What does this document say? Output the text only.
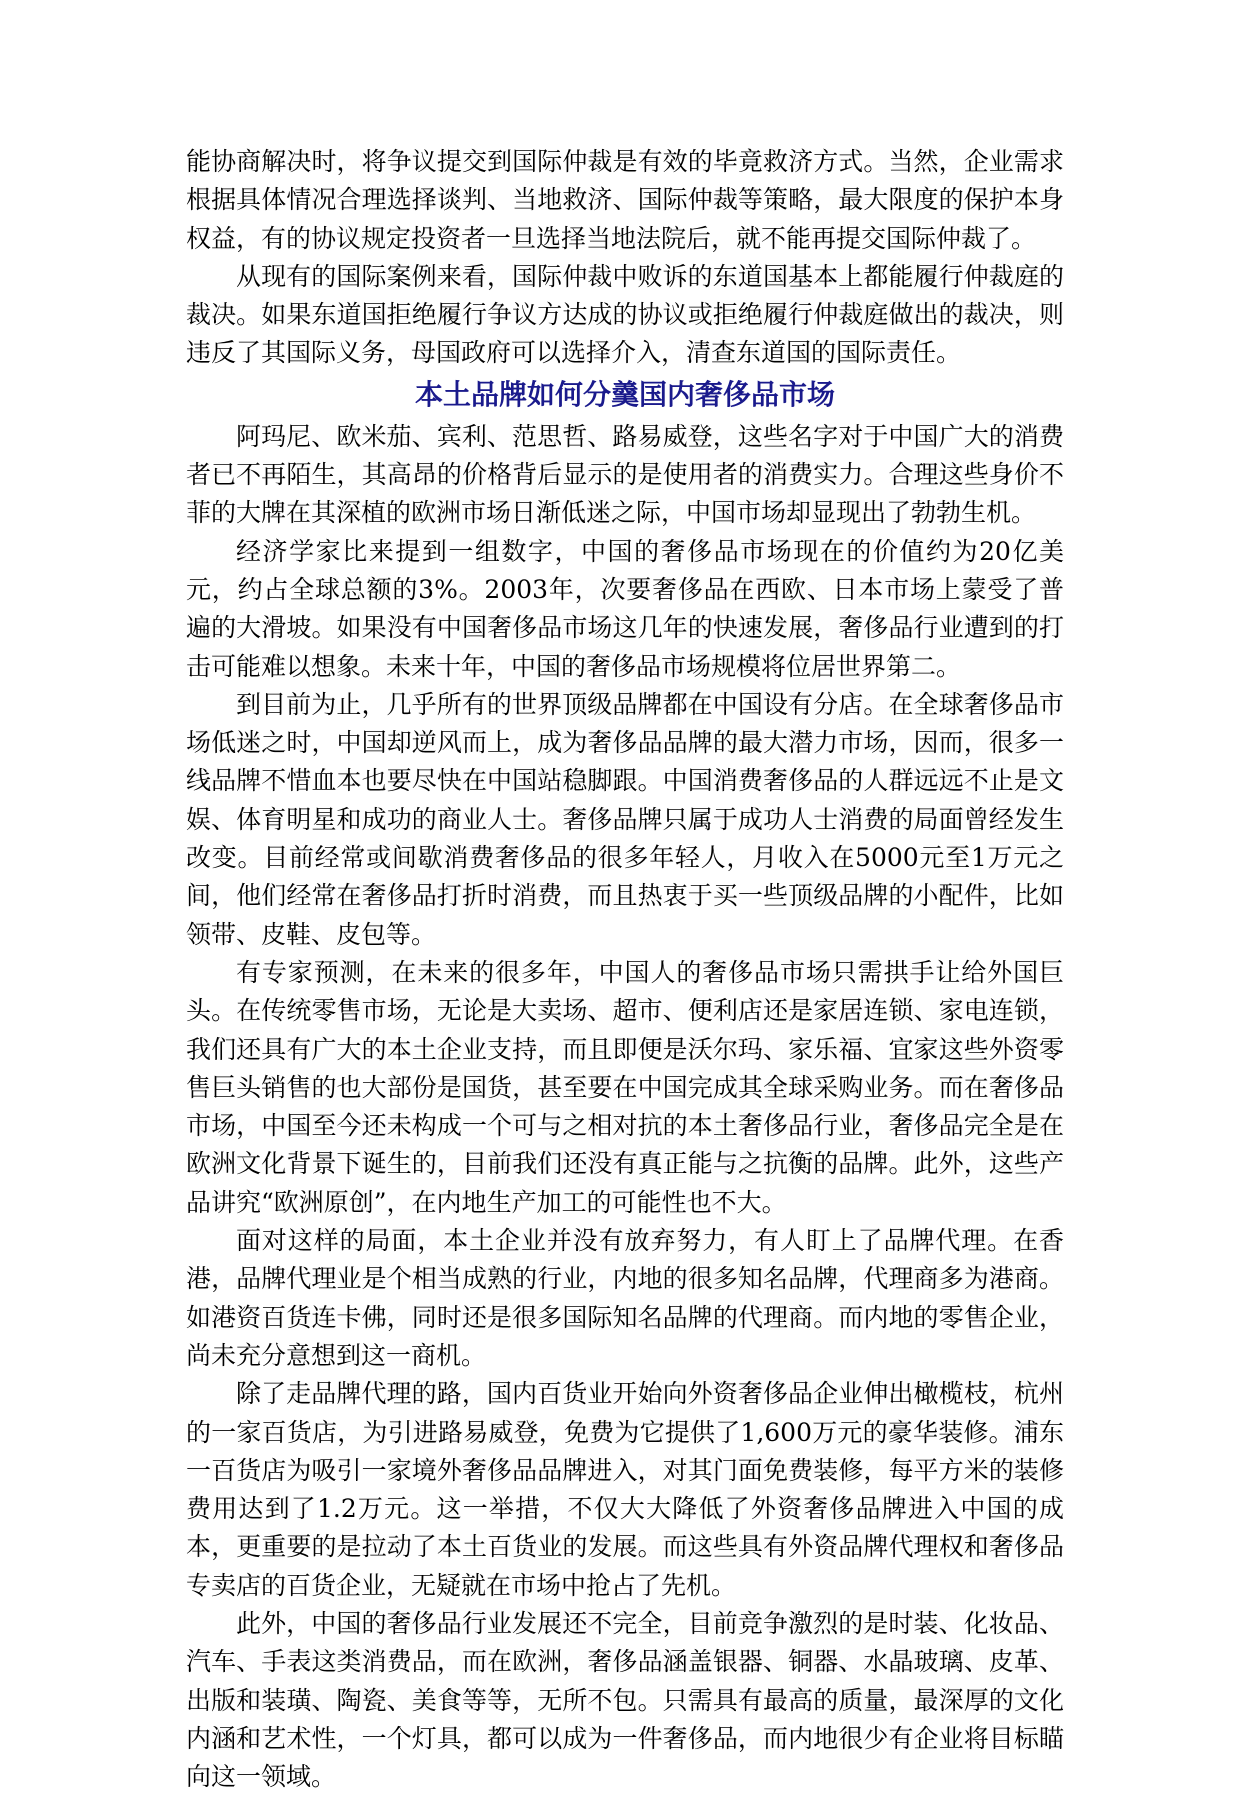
能协商解决时，将争议提交到国际仲裁是有效的毕竟救济方式。当然，企业需求根据具体情况合理选择谈判、当地救济、国际仲裁等策略，最大限度的保护本身权益，有的协议规定投资者一旦选择当地法院后，就不能再提交国际仲裁了。

从现有的国际案例来看，国际仲裁中败诉的东道国基本上都能履行仲裁庭的裁决。如果东道国拒绝履行争议方达成的协议或拒绝履行仲裁庭做出的裁决，则违反了其国际义务，母国政府可以选择介入，清查东道国的国际责任。

本土品牌如何分羹国内奢侈品市场

阿玛尼、欧米茄、宾利、范思哲、路易威登，这些名字对于中国广大的消费者已不再陌生，其高昂的价格背后显示的是使用者的消费实力。合理这些身价不菲的大牌在其深植的欧洲市场日渐低迷之际，中国市场却显现出了勃勃生机。

经济学家比来提到一组数字，中国的奢侈品市场现在的价值约为20亿美元，约占全球总额的3%。2003年，次要奢侈品在西欧、日本市场上蒙受了普遍的大滑坡。如果没有中国奢侈品市场这几年的快速发展，奢侈品行业遭到的打击可能难以想象。未来十年，中国的奢侈品市场规模将位居世界第二。

到目前为止，几乎所有的世界顶级品牌都在中国设有分店。在全球奢侈品市场低迷之时，中国却逆风而上，成为奢侈品品牌的最大潜力市场，因而，很多一线品牌不惜血本也要尽快在中国站稳脚跟。中国消费奢侈品的人群远远不止是文娱、体育明星和成功的商业人士。奢侈品牌只属于成功人士消费的局面曾经发生改变。目前经常或间歇消费奢侈品的很多年轻人，月收入在5000元至1万元之间，他们经常在奢侈品打折时消费，而且热衷于买一些顶级品牌的小配件，比如领带、皮鞋、皮包等。

有专家预测，在未来的很多年，中国人的奢侈品市场只需拱手让给外国巨头。在传统零售市场，无论是大卖场、超市、便利店还是家居连锁、家电连锁，我们还具有广大的本土企业支持，而且即便是沃尔玛、家乐福、宜家这些外资零售巨头销售的也大部份是国货，甚至要在中国完成其全球采购业务。而在奢侈品市场，中国至今还未构成一个可与之相对抗的本土奢侈品行业，奢侈品完全是在欧洲文化背景下诞生的，目前我们还没有真正能与之抗衡的品牌。此外，这些产品讲究“欧洲原创”，在内地生产加工的可能性也不大。

面对这样的局面，本土企业并没有放弃努力，有人盯上了品牌代理。在香港，品牌代理业是个相当成熟的行业，内地的很多知名品牌，代理商多为港商。如港资百货连卡佛，同时还是很多国际知名品牌的代理商。而内地的零售企业，尚未充分意想到这一商机。

除了走品牌代理的路，国内百货业开始向外资奢侈品企业伸出橄榄枝，杭州的一家百货店，为引进路易威登，免费为它提供了1,600万元的豪华装修。浦东一百货店为吸引一家境外奢侈品品牌进入，对其门面免费装修，每平方米的装修费用达到了1.2万元。这一举措，不仅大大降低了外资奢侈品牌进入中国的成本，更重要的是拉动了本土百货业的发展。而这些具有外资品牌代理权和奢侈品专卖店的百货企业，无疑就在市场中抢占了先机。

此外，中国的奢侈品行业发展还不完全，目前竞争激烈的是时装、化妆品、汽车、手表这类消费品，而在欧洲，奢侈品涵盖银器、铜器、水晶玻璃、皮革、出版和装璜、陶瓷、美食等等，无所不包。只需具有最高的质量，最深厚的文化内涵和艺术性，一个灯具，都可以成为一件奢侈品，而内地很少有企业将目标瞄向这一领域。
